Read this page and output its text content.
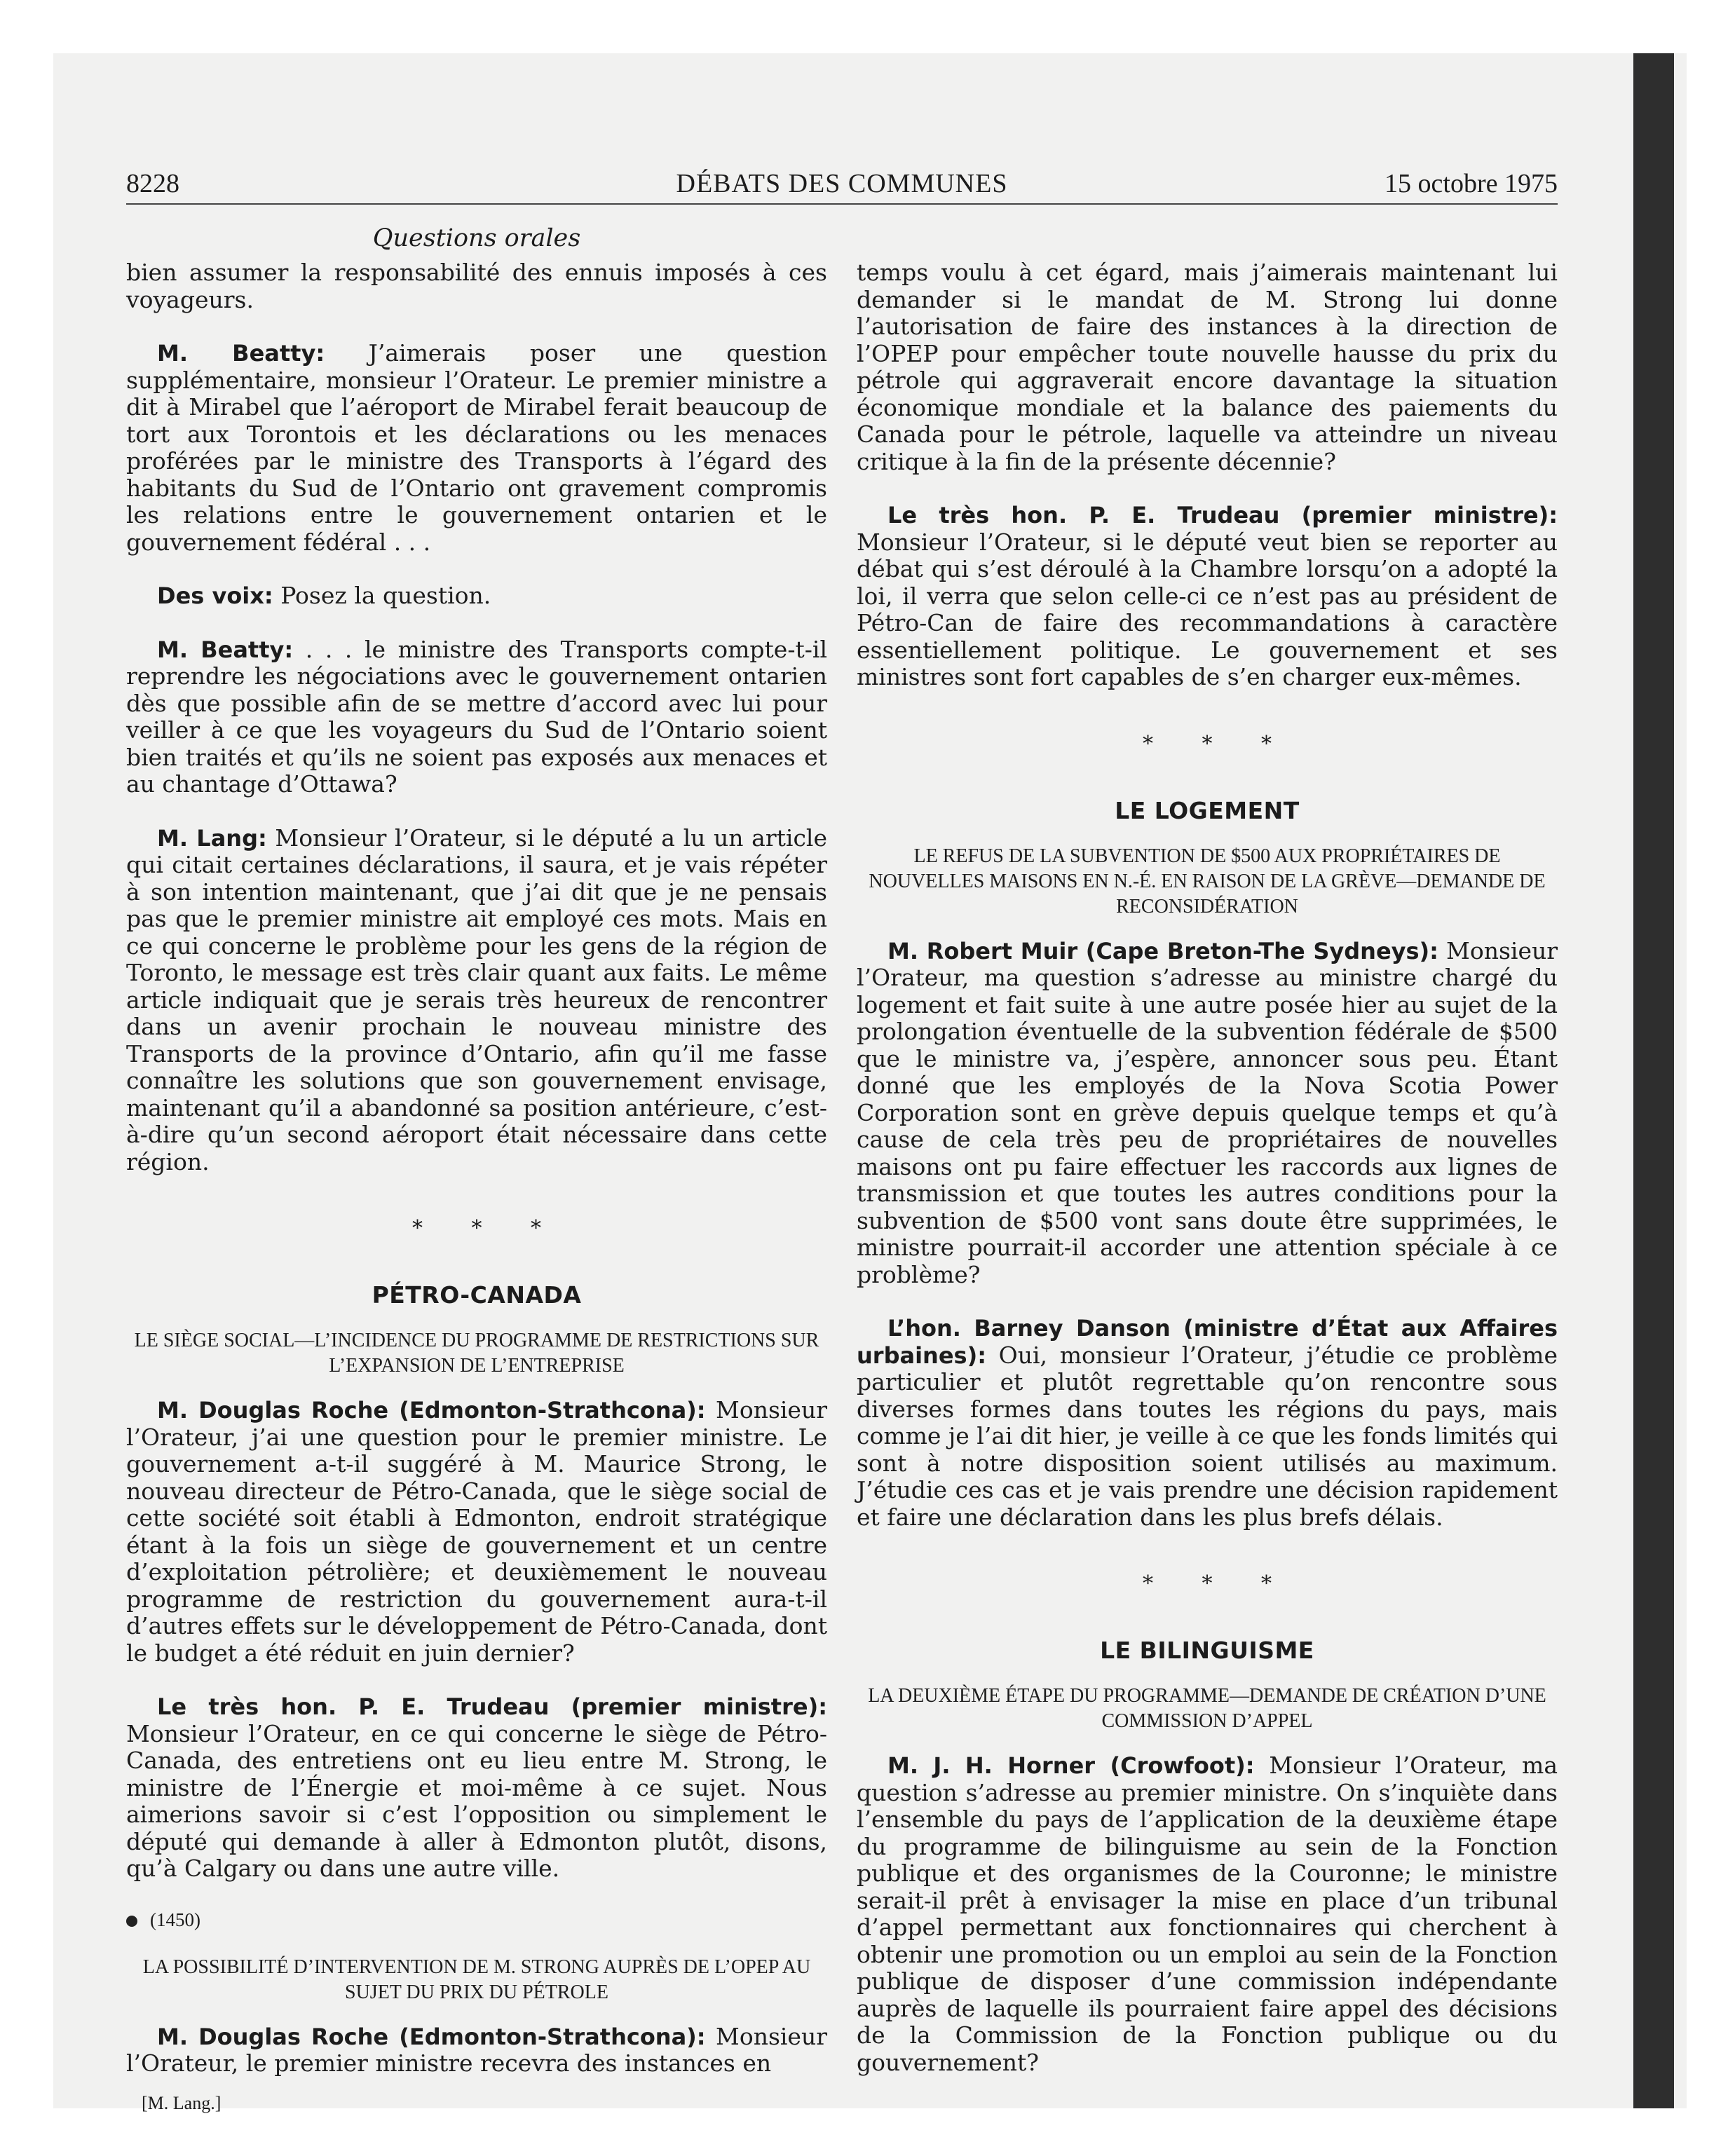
8228	DÉBATS DES COMMUNES	15 octobre 1975
Questions orales

bien assumer la responsabilité des ennuis imposés à ces voyageurs.

M. Beatty: J’aimerais poser une question supplémentaire, monsieur l’Orateur. Le premier ministre a dit à Mirabel que l’aéroport de Mirabel ferait beaucoup de tort aux Torontois et les déclarations ou les menaces proférées par le ministre des Transports à l’égard des habitants du Sud de l’Ontario ont gravement compromis les relations entre le gouvernement ontarien et le gouvernement fédéral . . .

Des voix: Posez la question.

M. Beatty: . . . le ministre des Transports compte-t-il reprendre les négociations avec le gouvernement ontarien dès que possible afin de se mettre d’accord avec lui pour veiller à ce que les voyageurs du Sud de l’Ontario soient bien traités et qu’ils ne soient pas exposés aux menaces et au chantage d’Ottawa?

M. Lang: Monsieur l’Orateur, si le député a lu un article qui citait certaines déclarations, il saura, et je vais répéter à son intention maintenant, que j’ai dit que je ne pensais pas que le premier ministre ait employé ces mots. Mais en ce qui concerne le problème pour les gens de la région de Toronto, le message est très clair quant aux faits. Le même article indiquait que je serais très heureux de rencontrer dans un avenir prochain le nouveau ministre des Transports de la province d’Ontario, afin qu’il me fasse connaître les solutions que son gouvernement envisage, maintenant qu’il a abandonné sa position antérieure, c’est-à-dire qu’un second aéroport était nécessaire dans cette région.

* * *
PÉTRO-CANADA
LE SIÈGE SOCIAL—L’INCIDENCE DU PROGRAMME DE RESTRICTIONS SUR L’EXPANSION DE L’ENTREPRISE

M. Douglas Roche (Edmonton-Strathcona): Monsieur l’Orateur, j’ai une question pour le premier ministre. Le gouvernement a-t-il suggéré à M. Maurice Strong, le nouveau directeur de Pétro-Canada, que le siège social de cette société soit établi à Edmonton, endroit stratégique étant à la fois un siège de gouvernement et un centre d’exploitation pétrolière; et deuxièmement le nouveau programme de restriction du gouvernement aura-t-il d’autres effets sur le développement de Pétro-Canada, dont le budget a été réduit en juin dernier?

Le très hon. P. E. Trudeau (premier ministre): Monsieur l’Orateur, en ce qui concerne le siège de Pétro-Canada, des entretiens ont eu lieu entre M. Strong, le ministre de l’Énergie et moi-même à ce sujet. Nous aimerions savoir si c’est l’opposition ou simplement le député qui demande à aller à Edmonton plutôt, disons, qu’à Calgary ou dans une autre ville.

(1450)
LA POSSIBILITÉ D’INTERVENTION DE M. STRONG AUPRÈS DE L’OPEP AU SUJET DU PRIX DU PÉTROLE

M. Douglas Roche (Edmonton-Strathcona): Monsieur l’Orateur, le premier ministre recevra des instances en

[M. Lang.]

temps voulu à cet égard, mais j’aimerais maintenant lui demander si le mandat de M. Strong lui donne l’autorisation de faire des instances à la direction de l’OPEP pour empêcher toute nouvelle hausse du prix du pétrole qui aggraverait encore davantage la situation économique mondiale et la balance des paiements du Canada pour le pétrole, laquelle va atteindre un niveau critique à la fin de la présente décennie?

Le très hon. P. E. Trudeau (premier ministre): Monsieur l’Orateur, si le député veut bien se reporter au débat qui s’est déroulé à la Chambre lorsqu’on a adopté la loi, il verra que selon celle-ci ce n’est pas au président de Pétro-Can de faire des recommandations à caractère essentiellement politique. Le gouvernement et ses ministres sont fort capables de s’en charger eux-mêmes.

* * *
LE LOGEMENT
LE REFUS DE LA SUBVENTION DE $500 AUX PROPRIÉTAIRES DE NOUVELLES MAISONS EN N.-É. EN RAISON DE LA GRÈVE—DEMANDE DE RECONSIDÉRATION

M. Robert Muir (Cape Breton-The Sydneys): Monsieur l’Orateur, ma question s’adresse au ministre chargé du logement et fait suite à une autre posée hier au sujet de la prolongation éventuelle de la subvention fédérale de $500 que le ministre va, j’espère, annoncer sous peu. Étant donné que les employés de la Nova Scotia Power Corporation sont en grève depuis quelque temps et qu’à cause de cela très peu de propriétaires de nouvelles maisons ont pu faire effectuer les raccords aux lignes de transmission et que toutes les autres conditions pour la subvention de $500 vont sans doute être supprimées, le ministre pourrait-il accorder une attention spéciale à ce problème?

L’hon. Barney Danson (ministre d’État aux Affaires urbaines): Oui, monsieur l’Orateur, j’étudie ce problème particulier et plutôt regrettable qu’on rencontre sous diverses formes dans toutes les régions du pays, mais comme je l’ai dit hier, je veille à ce que les fonds limités qui sont à notre disposition soient utilisés au maximum. J’étudie ces cas et je vais prendre une décision rapidement et faire une déclaration dans les plus brefs délais.

* * *
LE BILINGUISME
LA DEUXIÈME ÉTAPE DU PROGRAMME—DEMANDE DE CRÉATION D’UNE COMMISSION D’APPEL

M. J. H. Horner (Crowfoot): Monsieur l’Orateur, ma question s’adresse au premier ministre. On s’inquiète dans l’ensemble du pays de l’application de la deuxième étape du programme de bilinguisme au sein de la Fonction publique et des organismes de la Couronne; le ministre serait-il prêt à envisager la mise en place d’un tribunal d’appel permettant aux fonctionnaires qui cherchent à obtenir une promotion ou un emploi au sein de la Fonction publique de disposer d’une commission indépendante auprès de laquelle ils pourraient faire appel des décisions de la Commission de la Fonction publique ou du gouvernement?
